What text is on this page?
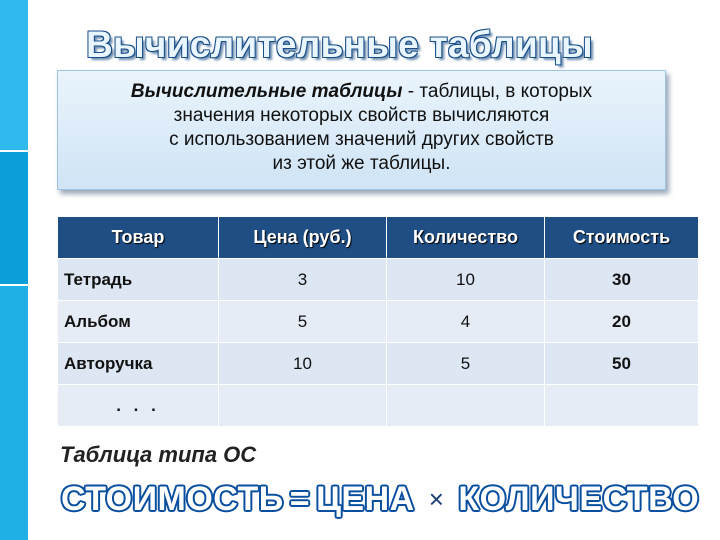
Вычислительные таблицы
Вычислительные таблицы - таблицы, в которых
значения некоторых свойств вычисляются
с использованием значений других свойств
из этой же таблицы.
Товар	Цена (руб.)	Количество	Стоимость
Тетрадь	3	10	30
Альбом	5	4	20
Авторучка	10	5	50
. . .			
Таблица типа ОС
СТОИМОСТЬ = ЦЕНА × КОЛИЧЕСТВО
